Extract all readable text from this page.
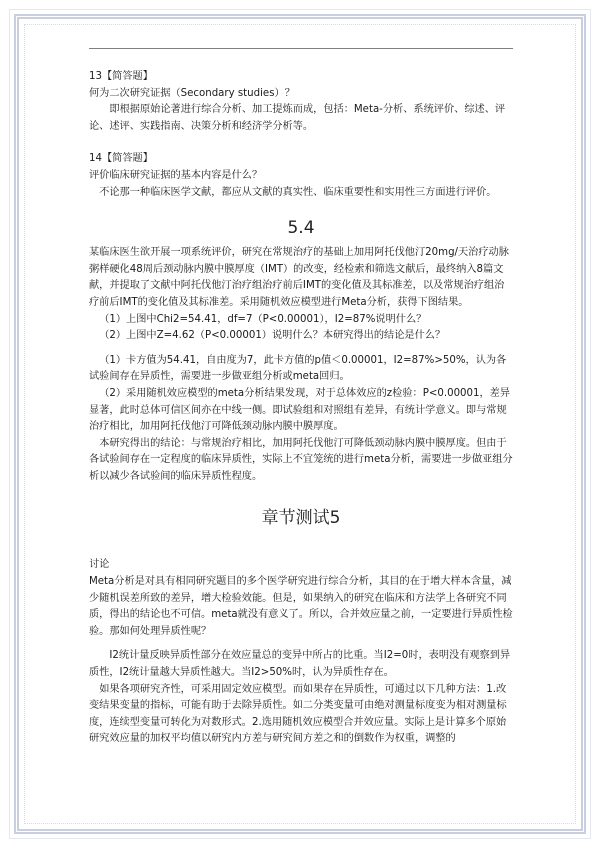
13【简答题】

何为二次研究证据（Secondary studies）？

即根据原始论著进行综合分析、加工提炼而成，包括：Meta-分析、系统评价、综述、评论、述评、实践指南、决策分析和经济学分析等。

14【简答题】

评价临床研究证据的基本内容是什么？

不论那一种临床医学文献，都应从文献的真实性、临床重要性和实用性三方面进行评价。

5.4

某临床医生欲开展一项系统评价，研究在常规治疗的基础上加用阿托伐他汀20mg/天治疗动脉粥样硬化48周后颈动脉内膜中膜厚度（IMT）的改变，经检索和筛选文献后，最终纳入8篇文献，并提取了文献中阿托伐他汀治疗组治疗前后IMT的变化值及其标准差，以及常规治疗组治疗前后IMT的变化值及其标准差。采用随机效应模型进行Meta分析，获得下图结果。

（1）上图中Chi2=54.41，df=7（P<0.00001），I2=87%说明什么？

（2）上图中Z=4.62（P<0.00001）说明什么？本研究得出的结论是什么？

（1）卡方值为54.41，自由度为7，此卡方值的p值＜0.00001，I2=87%>50%，认为各试验间存在异质性，需要进一步做亚组分析或meta回归。

（2）采用随机效应模型的meta分析结果发现，对于总体效应的z检验：P<0.00001，差异显著，此时总体可信区间亦在中线一侧。即试验组和对照组有差异，有统计学意义。即与常规治疗相比，加用阿托伐他汀可降低颈动脉内膜中膜厚度。

本研究得出的结论：与常规治疗相比，加用阿托伐他汀可降低颈动脉内膜中膜厚度。但由于各试验间存在一定程度的临床异质性，实际上不宜笼统的进行meta分析，需要进一步做亚组分析以减少各试验间的临床异质性程度。

章节测试5

讨论

Meta分析是对具有相同研究题目的多个医学研究进行综合分析，其目的在于增大样本含量，减少随机误差所致的差异，增大检验效能。但是，如果纳入的研究在临床和方法学上各研究不同质，得出的结论也不可信。meta就没有意义了。所以，合并效应量之前，一定要进行异质性检验。那如何处理异质性呢？

I2统计量反映异质性部分在效应量总的变异中所占的比重。当I2=0时，表明没有观察到异质性，I2统计量越大异质性越大。当I2>50%时，认为异质性存在。

如果各项研究齐性，可采用固定效应模型。而如果存在异质性，可通过以下几种方法：1.改变结果变量的指标，可能有助于去除异质性。如二分类变量可由绝对测量标度变为相对测量标度，连续型变量可转化为对数形式。2.选用随机效应模型合并效应量。实际上是计算多个原始研究效应量的加权平均值以研究内方差与研究间方差之和的倒数作为权重，调整的
